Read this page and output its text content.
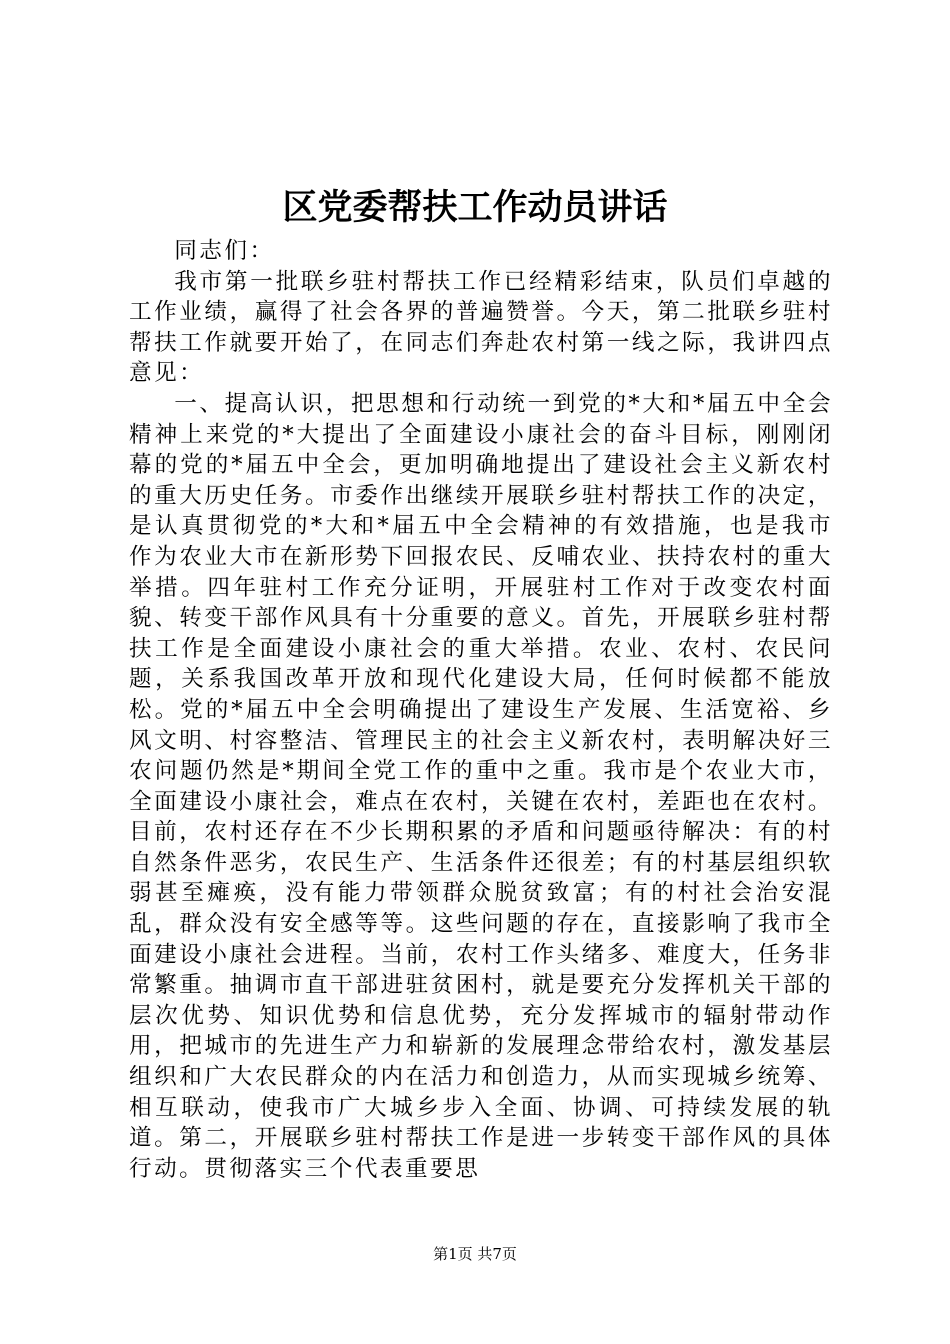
区党委帮扶工作动员讲话

同志们：

我市第一批联乡驻村帮扶工作已经精彩结束，队员们卓越的工作业绩，赢得了社会各界的普遍赞誉。今天，第二批联乡驻村帮扶工作就要开始了，在同志们奔赴农村第一线之际，我讲四点意见：

一、提高认识，把思想和行动统一到党的*大和*届五中全会精神上来党的*大提出了全面建设小康社会的奋斗目标，刚刚闭幕的党的*届五中全会，更加明确地提出了建设社会主义新农村的重大历史任务。市委作出继续开展联乡驻村帮扶工作的决定，是认真贯彻党的*大和*届五中全会精神的有效措施，也是我市作为农业大市在新形势下回报农民、反哺农业、扶持农村的重大举措。四年驻村工作充分证明，开展驻村工作对于改变农村面貌、转变干部作风具有十分重要的意义。首先，开展联乡驻村帮扶工作是全面建设小康社会的重大举措。农业、农村、农民问题，关系我国改革开放和现代化建设大局，任何时候都不能放松。党的*届五中全会明确提出了建设生产发展、生活宽裕、乡风文明、村容整洁、管理民主的社会主义新农村，表明解决好三农问题仍然是*期间全党工作的重中之重。我市是个农业大市，全面建设小康社会，难点在农村，关键在农村，差距也在农村。目前，农村还存在不少长期积累的矛盾和问题亟待解决：有的村自然条件恶劣，农民生产、生活条件还很差；有的村基层组织软弱甚至瘫痪，没有能力带领群众脱贫致富；有的村社会治安混乱，群众没有安全感等等。这些问题的存在，直接影响了我市全面建设小康社会进程。当前，农村工作头绪多、难度大，任务非常繁重。抽调市直干部进驻贫困村，就是要充分发挥机关干部的层次优势、知识优势和信息优势，充分发挥城市的辐射带动作用，把城市的先进生产力和崭新的发展理念带给农村，激发基层组织和广大农民群众的内在活力和创造力，从而实现城乡统筹、相互联动，使我市广大城乡步入全面、协调、可持续发展的轨道。第二，开展联乡驻村帮扶工作是进一步转变干部作风的具体行动。贯彻落实三个代表重要思

第1页 共7页
